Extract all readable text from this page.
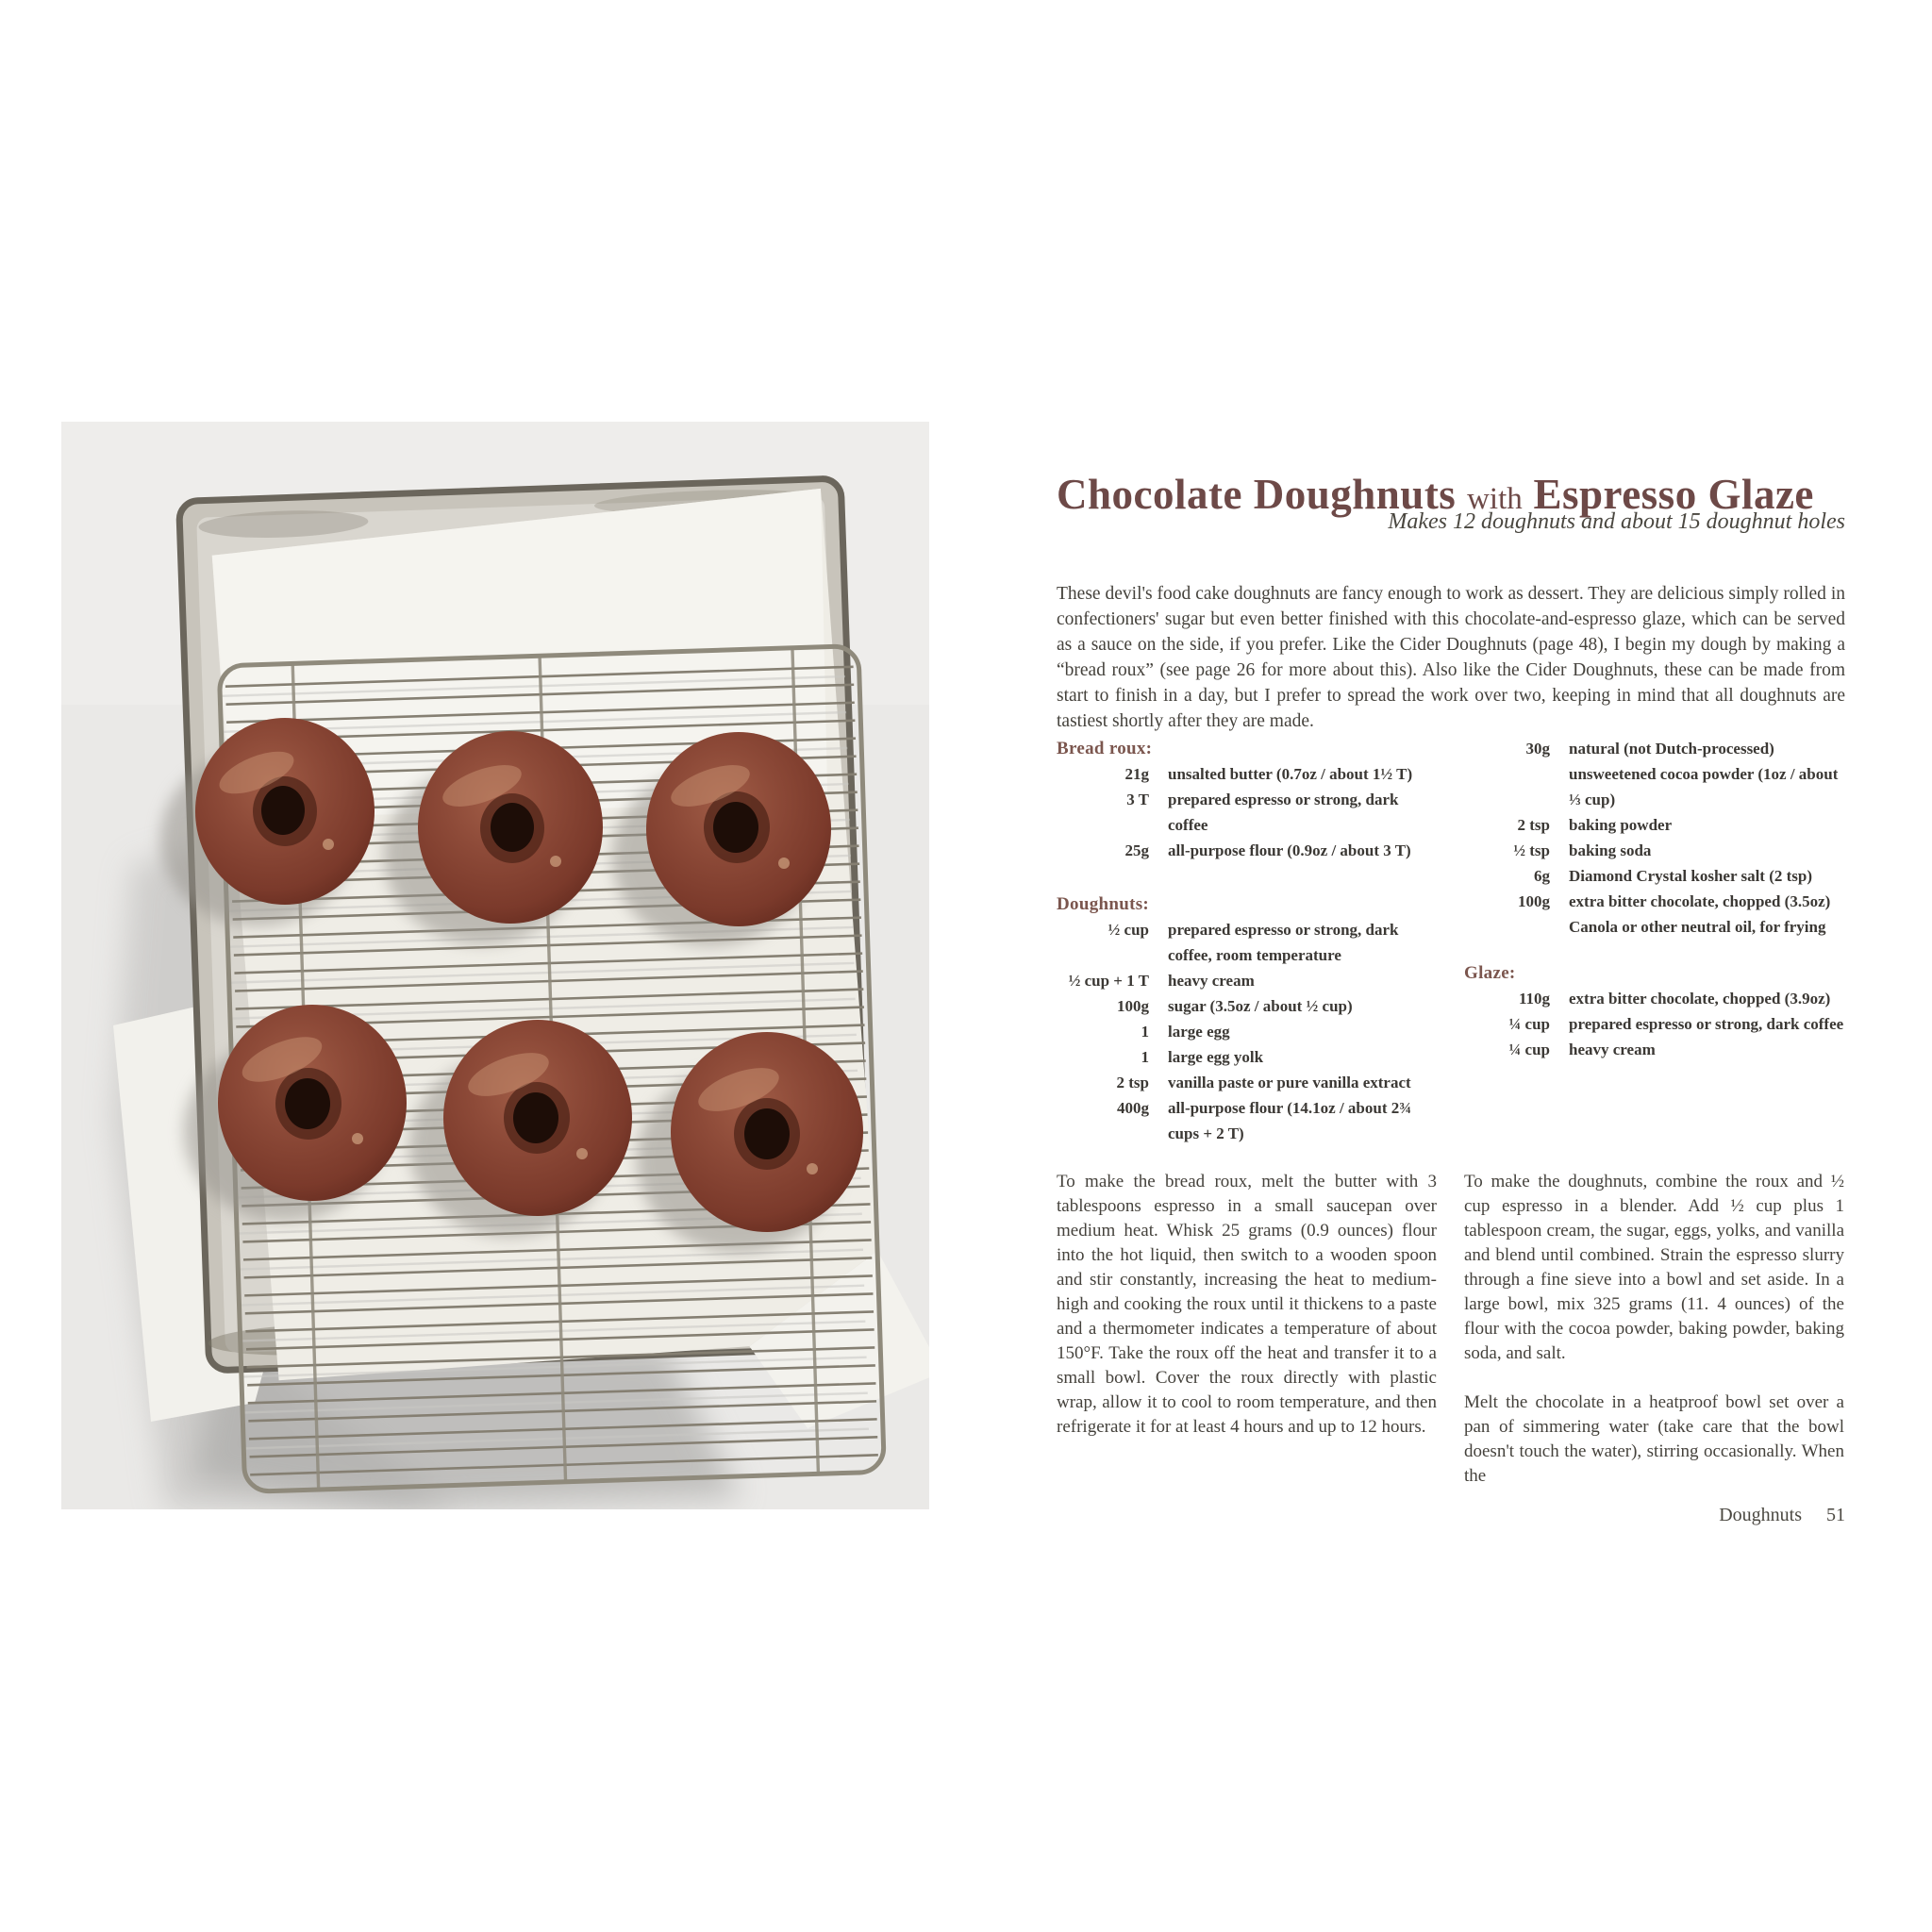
Chocolate Doughnuts with Espresso Glaze
Makes 12 doughnuts and about 15 doughnut holes

These devil's food cake doughnuts are fancy enough to work as dessert. They are delicious simply rolled in confectioners' sugar but even better finished with this chocolate-and-espresso glaze, which can be served as a sauce on the side, if you prefer. Like the Cider Doughnuts (page 48), I begin my dough by making a “bread roux” (see page 26 for more about this). Also like the Cider Doughnuts, these can be made from start to finish in a day, but I prefer to spread the work over two, keeping in mind that all doughnuts are tastiest shortly after they are made.

Bread roux:
21g unsalted butter (0.7oz / about 1½ T)
3 T prepared espresso or strong, dark coffee
25g all-purpose flour (0.9oz / about 3 T)
Doughnuts:
½ cup prepared espresso or strong, dark coffee, room temperature
½ cup + 1 T heavy cream
100g sugar (3.5oz / about ½ cup)
1 large egg
1 large egg yolk
2 tsp vanilla paste or pure vanilla extract
400g all-purpose flour (14.1oz / about 2¾ cups + 2 T)
30g natural (not Dutch-processed) unsweetened cocoa powder (1oz / about ⅓ cup)
2 tsp baking powder
½ tsp baking soda
6g Diamond Crystal kosher salt (2 tsp)
100g extra bitter chocolate, chopped (3.5oz)
Canola or other neutral oil, for frying
Glaze:
110g extra bitter chocolate, chopped (3.9oz)
¼ cup prepared espresso or strong, dark coffee
¼ cup heavy cream

To make the bread roux, melt the butter with 3 tablespoons espresso in a small saucepan over medium heat. Whisk 25 grams (0.9 ounces) flour into the hot liquid, then switch to a wooden spoon and stir constantly, increasing the heat to medium-high and cooking the roux until it thickens to a paste and a thermometer indicates a temperature of about 150°F. Take the roux off the heat and transfer it to a small bowl. Cover the roux directly with plastic wrap, allow it to cool to room temperature, and then refrigerate it for at least 4 hours and up to 12 hours.

To make the doughnuts, combine the roux and ½ cup espresso in a blender. Add ½ cup plus 1 tablespoon cream, the sugar, eggs, yolks, and vanilla and blend until combined. Strain the espresso slurry through a fine sieve into a bowl and set aside. In a large bowl, mix 325 grams (11. 4 ounces) of the flour with the cocoa powder, baking powder, baking soda, and salt.

Melt the chocolate in a heatproof bowl set over a pan of simmering water (take care that the bowl doesn't touch the water), stirring occasionally. When the

Doughnuts 51
